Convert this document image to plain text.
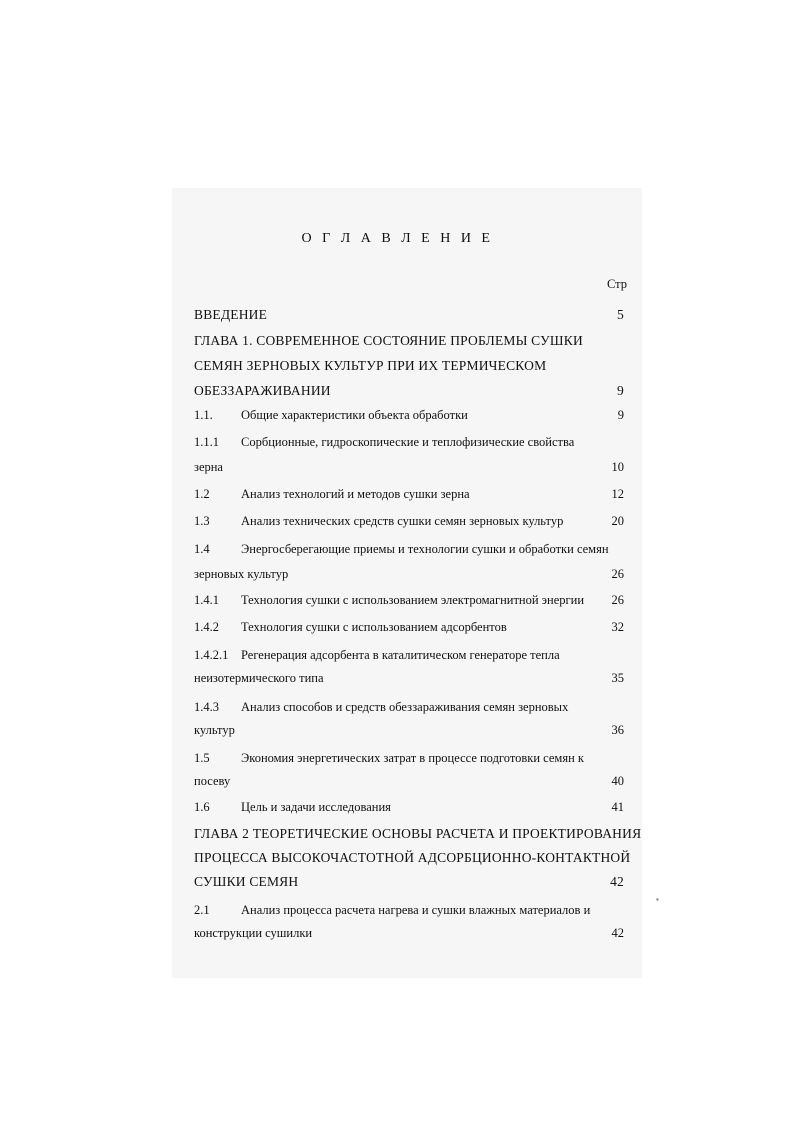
О Г Л А В Л Е Н И Е
Стр
ВВЕДЕНИЕ	5
ГЛАВА 1. СОВРЕМЕННОЕ СОСТОЯНИЕ ПРОБЛЕМЫ СУШКИ
СЕМЯН ЗЕРНОВЫХ КУЛЬТУР ПРИ ИХ ТЕРМИЧЕСКОМ
ОБЕЗЗАРАЖИВАНИИ	9
1.1.	Общие характеристики объекта обработки	9
1.1.1 Сорбционные, гидроскопические и теплофизические свойства
зерна	10
1.2	Анализ технологий и методов сушки зерна	12
1.3	Анализ технических средств сушки семян зерновых культур	20
1.4	Энергосберегающие приемы и технологии сушки и обработки семян
зерновых культур	26
1.4.1	Технология сушки с использованием электромагнитной энергии 26
1.4.2	Технология сушки с использованием адсорбентов	32
1.4.2.1 Регенерация адсорбента в каталитическом генераторе тепла
неизотермического типа	35
1.4.3 Анализ способов и средств обеззараживания семян зерновых
культур	36
1.5	Экономия энергетических затрат в процессе подготовки семян к
посеву	40
1.6	Цель и задачи исследования	41
ГЛАВА 2 ТЕОРЕТИЧЕСКИЕ ОСНОВЫ РАСЧЕТА И ПРОЕКТИРОВАНИЯ
ПРОЦЕССА ВЫСОКОЧАСТОТНОЙ АДСОРБЦИОННО-КОНТАКТНОЙ
СУШКИ СЕМЯН	42
2.1	Анализ процесса расчета нагрева и сушки влажных материалов и
конструкции сушилки	42
▪
